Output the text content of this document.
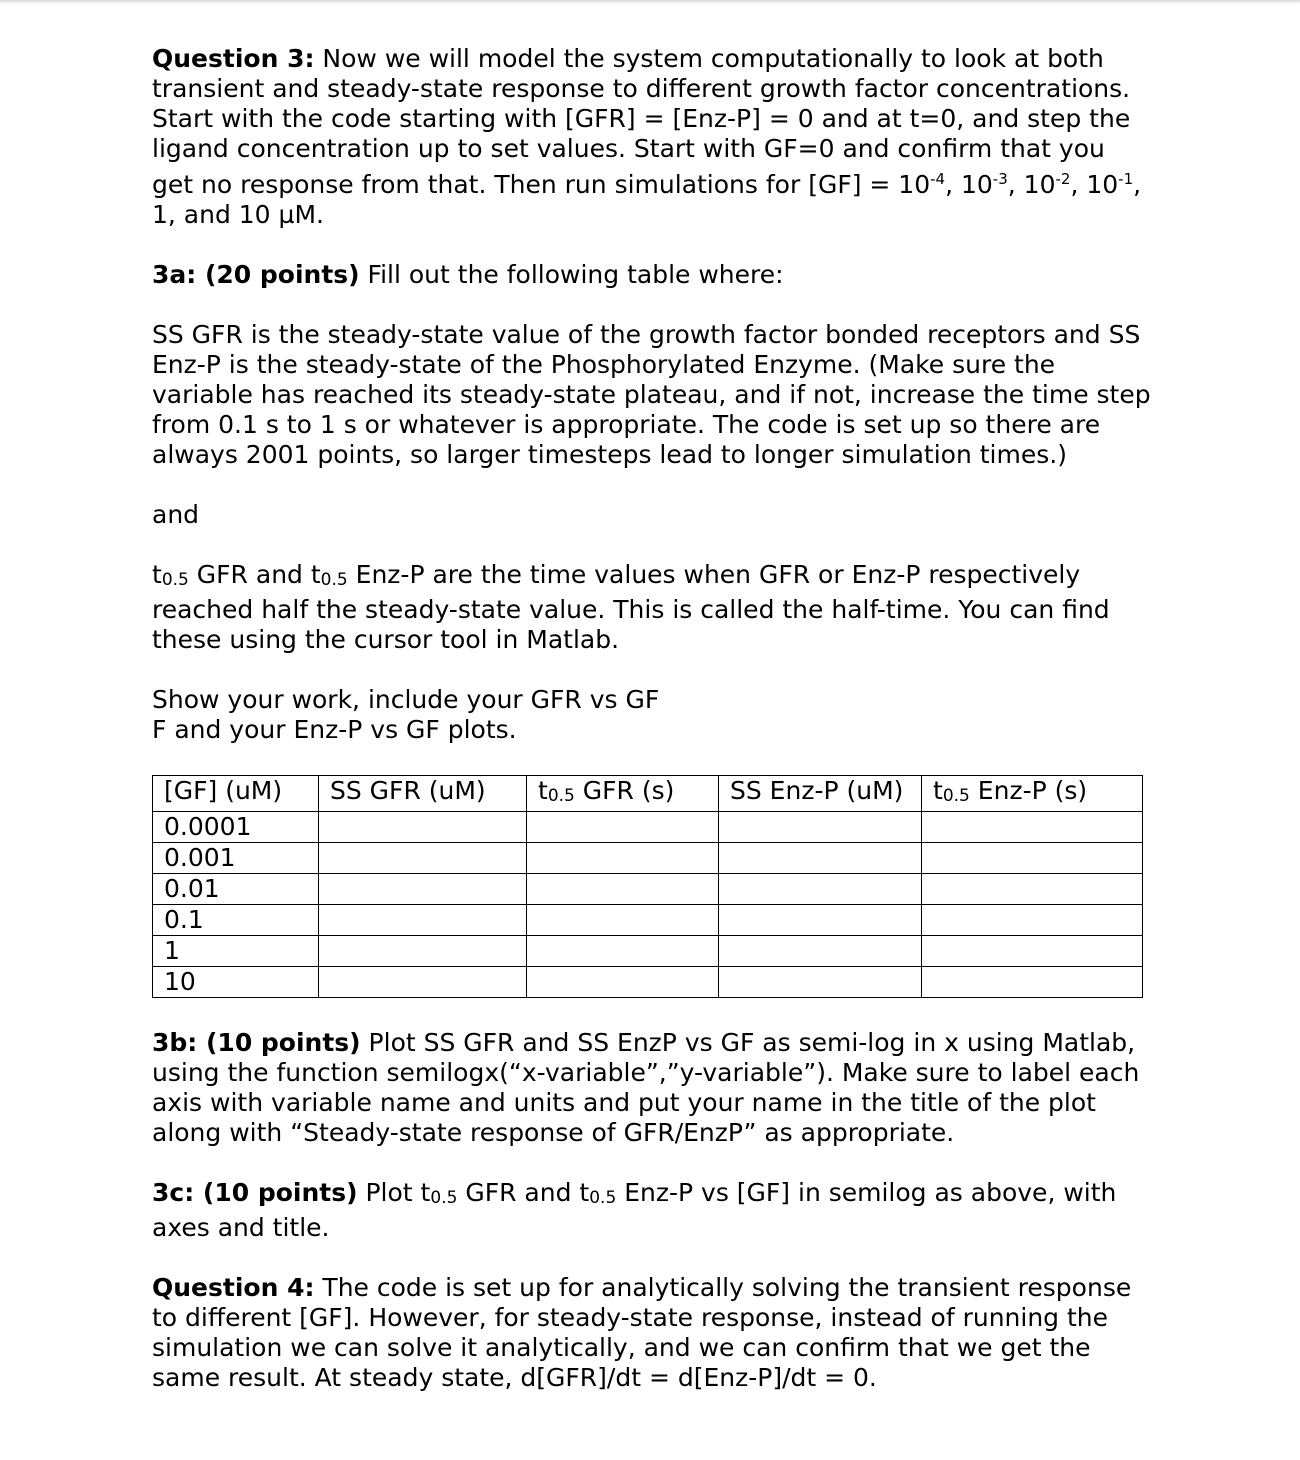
Question 3: Now we will model the system computationally to look at both transient and steady-state response to different growth factor concentrations. Start with the code starting with [GFR] = [Enz-P] = 0 and at t=0, and step the ligand concentration up to set values. Start with GF=0 and confirm that you get no response from that. Then run simulations for $[GF] = 10^{-4}$, $10^{-3}$, $10^{-2}$, $10^{-1}$, 1, and 10 µM.

3a: (20 points) Fill out the following table where:

SS GFR is the steady-state value of the growth factor bonded receptors and SS Enz-P is the steady-state of the Phosphorylated Enzyme. (Make sure the variable has reached its steady-state plateau, and if not, increase the time step from 0.1 s to 1 s or whatever is appropriate. The code is set up so there are always 2001 points, so larger timesteps lead to longer simulation times.)

and

t0.5 GFR and t0.5 Enz-P are the time values when GFR or Enz-P respectively reached half the steady-state value. This is called the half-time. You can find these using the cursor tool in Matlab.

Show your work, include your GFR vs GF
F and your Enz-P vs GF plots.

[GF] (uM)	SS GFR (uM)	t0.5 GFR (s)	SS Enz-P (uM)	t0.5 Enz-P (s)
0.0001				
0.001				
0.01				
0.1				
1				
10				

3b: (10 points) Plot SS GFR and SS EnzP vs GF as semi-log in x using Matlab, using the function semilogx(“x-variable”,”y-variable”). Make sure to label each axis with variable name and units and put your name in the title of the plot along with “Steady-state response of GFR/EnzP” as appropriate.

3c: (10 points) Plot t0.5 GFR and t0.5 Enz-P vs [GF] in semilog as above, with axes and title.

Question 4: The code is set up for analytically solving the transient response to different [GF]. However, for steady-state response, instead of running the simulation we can solve it analytically, and we can confirm that we get the same result. At steady state, d[GFR]/dt = d[Enz-P]/dt = 0.
